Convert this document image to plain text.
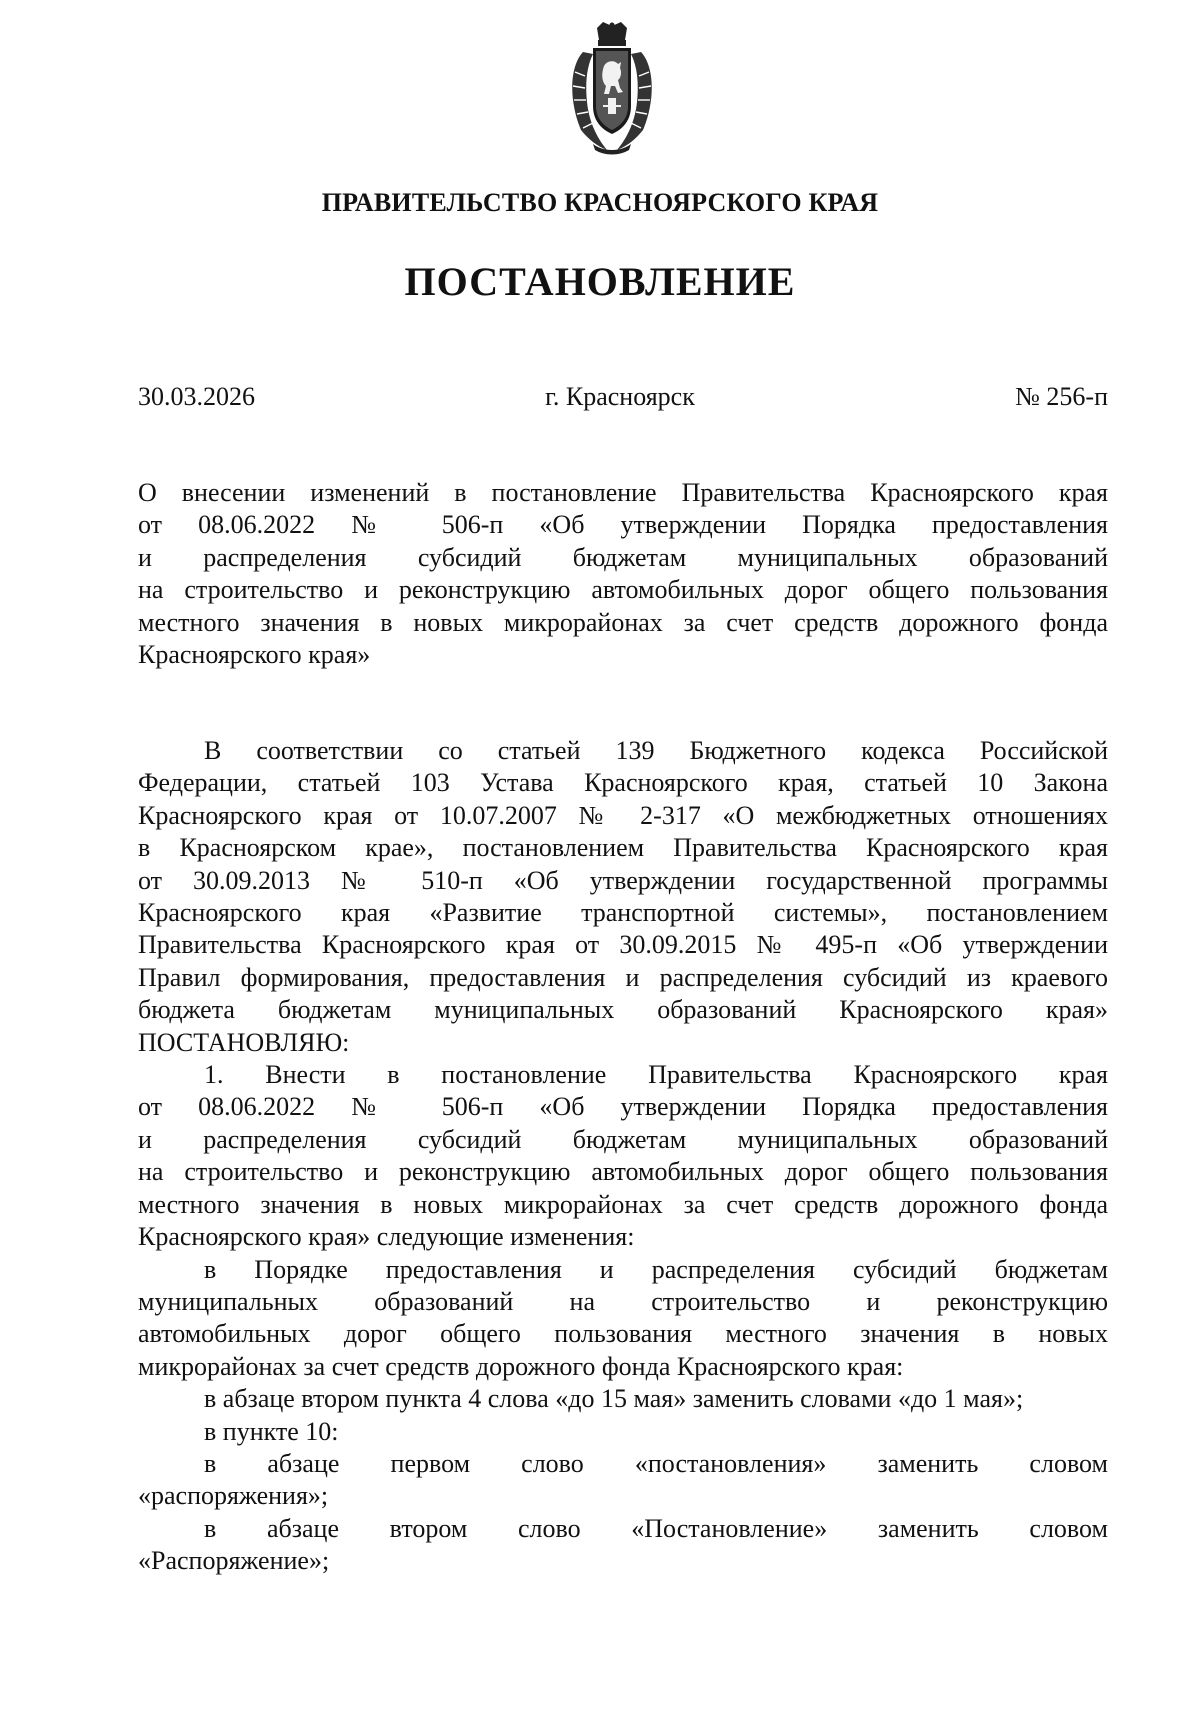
ПРАВИТЕЛЬСТВО КРАСНОЯРСКОГО КРАЯ
ПОСТАНОВЛЕНИЕ
30.03.2026	г. Красноярск	№ 256-п
О внесении изменений в постановление Правительства Красноярского края
от 08.06.2022 № 506-п «Об утверждении Порядка предоставления
и распределения субсидий бюджетам муниципальных образований
на строительство и реконструкцию автомобильных дорог общего пользования
местного значения в новых микрорайонах за счет средств дорожного фонда
Красноярского края»
В соответствии со статьей 139 Бюджетного кодекса Российской
Федерации, статьей 103 Устава Красноярского края, статьей 10 Закона
Красноярского края от 10.07.2007 № 2-317 «О межбюджетных отношениях
в Красноярском крае», постановлением Правительства Красноярского края
от 30.09.2013 № 510-п «Об утверждении государственной программы
Красноярского края «Развитие транспортной системы», постановлением
Правительства Красноярского края от 30.09.2015 № 495-п «Об утверждении
Правил формирования, предоставления и распределения субсидий из краевого
бюджета бюджетам муниципальных образований Красноярского края»
ПОСТАНОВЛЯЮ:
1. Внести в постановление Правительства Красноярского края
от 08.06.2022 № 506-п «Об утверждении Порядка предоставления
и распределения субсидий бюджетам муниципальных образований
на строительство и реконструкцию автомобильных дорог общего пользования
местного значения в новых микрорайонах за счет средств дорожного фонда
Красноярского края» следующие изменения:
в Порядке предоставления и распределения субсидий бюджетам
муниципальных образований на строительство и реконструкцию
автомобильных дорог общего пользования местного значения в новых
микрорайонах за счет средств дорожного фонда Красноярского края:
в абзаце втором пункта 4 слова «до 15 мая» заменить словами «до 1 мая»;
в пункте 10:
в абзаце первом слово «постановления» заменить словом
«распоряжения»;
в абзаце втором слово «Постановление» заменить словом
«Распоряжение»;
